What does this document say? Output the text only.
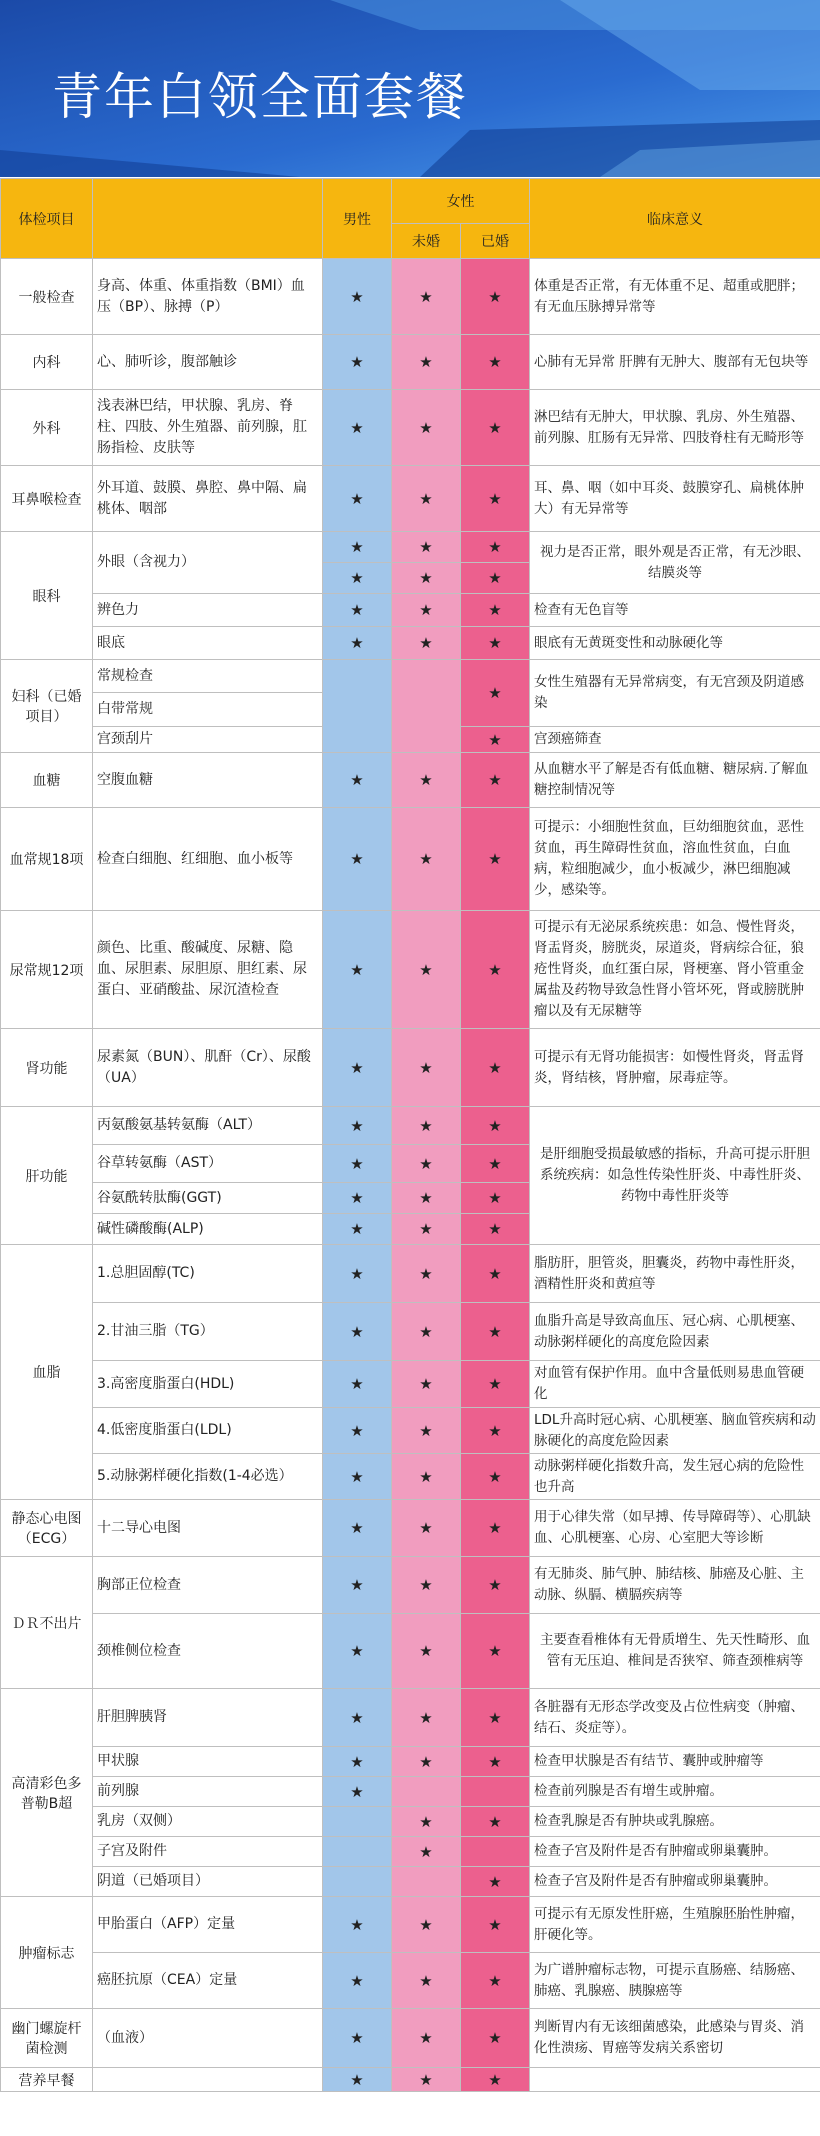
青年白领全面套餐
体检项目		男性	女性		临床意义
			未婚	已婚	
一般检查	身高、体重、体重指数（BMI）血压（BP）、脉搏（P）	★	★	★	体重是否正常，有无体重不足、超重或肥胖；有无血压脉搏异常等
内科	心、肺听诊，腹部触诊	★	★	★	心肺有无异常 肝脾有无肿大、腹部有无包块等
外科	浅表淋巴结，甲状腺、乳房、脊柱、四肢、外生殖器、前列腺，肛肠指检、皮肤等	★	★	★	淋巴结有无肿大，甲状腺、乳房、外生殖器、前列腺、肛肠有无异常、四肢脊柱有无畸形等
耳鼻喉检查	外耳道、鼓膜、鼻腔、鼻中隔、扁桃体、咽部	★	★	★	耳、鼻、咽（如中耳炎、鼓膜穿孔、扁桃体肿大）有无异常等
眼科	外眼（含视力）	★	★	★	视力是否正常，眼外观是否正常，有无沙眼、结膜炎等
		★	★	★	
	辨色力	★	★	★	检查有无色盲等
	眼底	★	★	★	眼底有无黄斑变性和动脉硬化等
妇科（已婚项目）	常规检查			★	女性生殖器有无异常病变，有无宫颈及阴道感染
	白带常规				
	宫颈刮片			★	宫颈癌筛查
血糖	空腹血糖	★	★	★	从血糖水平了解是否有低血糖、糖尿病.了解血糖控制情况等
血常规18项	检查白细胞、红细胞、血小板等	★	★	★	可提示：小细胞性贫血，巨幼细胞贫血，恶性贫血，再生障碍性贫血，溶血性贫血，白血病，粒细胞减少，血小板减少，淋巴细胞减少，感染等。
尿常规12项	颜色、比重、酸碱度、尿糖、隐血、尿胆素、尿胆原、胆红素、尿蛋白、亚硝酸盐、尿沉渣检查	★	★	★	可提示有无泌尿系统疾患：如急、慢性肾炎，肾盂肾炎，膀胱炎，尿道炎，肾病综合征，狼疮性肾炎，血红蛋白尿，肾梗塞、肾小管重金属盐及药物导致急性肾小管坏死，肾或膀胱肿瘤以及有无尿糖等
肾功能	尿素氮（BUN）、肌酐（Cr）、尿酸（UA）	★	★	★	可提示有无肾功能损害：如慢性肾炎，肾盂肾炎，肾结核，肾肿瘤，尿毒症等。
肝功能	丙氨酸氨基转氨酶（ALT）	★	★	★	是肝细胞受损最敏感的指标，升高可提示肝胆系统疾病：如急性传染性肝炎、中毒性肝炎、药物中毒性肝炎等
	谷草转氨酶（AST）	★	★	★	
	谷氨酰转肽酶(GGT)	★	★	★	
	碱性磷酸酶(ALP)	★	★	★	
血脂	1.总胆固醇(TC)	★	★	★	脂肪肝，胆管炎，胆囊炎，药物中毒性肝炎，酒精性肝炎和黄疸等
	2.甘油三脂（TG）	★	★	★	血脂升高是导致高血压、冠心病、心肌梗塞、动脉粥样硬化的高度危险因素
	3.高密度脂蛋白(HDL)	★	★	★	对血管有保护作用。血中含量低则易患血管硬化
	4.低密度脂蛋白(LDL)	★	★	★	LDL升高时冠心病、心肌梗塞、脑血管疾病和动脉硬化的高度危险因素
	5.动脉粥样硬化指数(1-4必选）	★	★	★	动脉粥样硬化指数升高，发生冠心病的危险性也升高
静态心电图（ECG）	十二导心电图	★	★	★	用于心律失常（如早搏、传导障碍等）、心肌缺血、心肌梗塞、心房、心室肥大等诊断
ＤＲ不出片	胸部正位检查	★	★	★	有无肺炎、肺气肿、肺结核、肺癌及心脏、主动脉、纵膈、横膈疾病等
	颈椎侧位检查	★	★	★	主要查看椎体有无骨质增生、先天性畸形、血管有无压迫、椎间是否狭窄、筛查颈椎病等
高清彩色多普勒B超	肝胆脾胰肾	★	★	★	各脏器有无形态学改变及占位性病变（肿瘤、结石、炎症等）。
	甲状腺	★	★	★	检查甲状腺是否有结节、囊肿或肿瘤等
	前列腺	★			检查前列腺是否有增生或肿瘤。
	乳房（双侧）		★	★	检查乳腺是否有肿块或乳腺癌。
	子宫及附件		★		检查子宫及附件是否有肿瘤或卵巢囊肿。
	阴道（已婚项目）			★	检查子宫及附件是否有肿瘤或卵巢囊肿。
肿瘤标志	甲胎蛋白（AFP）定量	★	★	★	可提示有无原发性肝癌，生殖腺胚胎性肿瘤，肝硬化等。
	癌胚抗原（CEA）定量	★	★	★	为广谱肿瘤标志物，可提示直肠癌、结肠癌、肺癌、乳腺癌、胰腺癌等
幽门螺旋杆菌检测	（血液）	★	★	★	判断胃内有无该细菌感染，此感染与胃炎、消化性溃疡、胃癌等发病关系密切
营养早餐		★	★	★	
